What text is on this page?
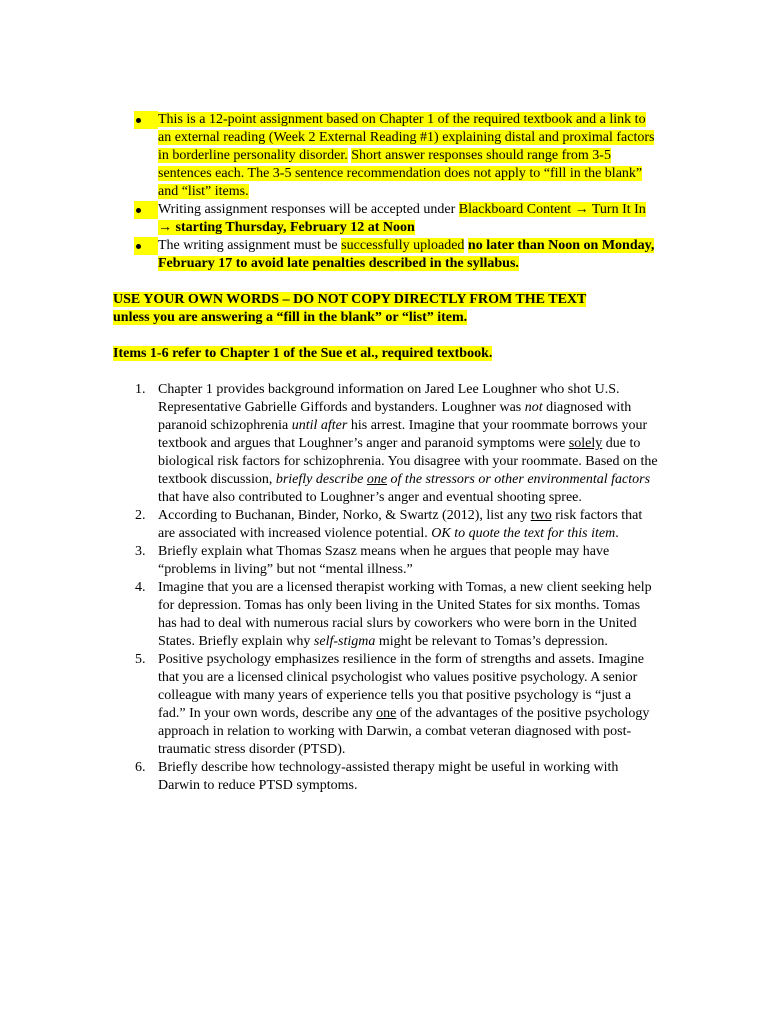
This is a 12-point assignment based on Chapter 1 of the required textbook and a link to an external reading (Week 2 External Reading #1) explaining distal and proximal factors in borderline personality disorder. Short answer responses should range from 3-5 sentences each. The 3-5 sentence recommendation does not apply to “fill in the blank” and “list” items.
Writing assignment responses will be accepted under Blackboard Content → Turn It In → starting Thursday, February 12 at Noon
The writing assignment must be successfully uploaded no later than Noon on Monday, February 17 to avoid late penalties described in the syllabus.
USE YOUR OWN WORDS – DO NOT COPY DIRECTLY FROM THE TEXT
unless you are answering a “fill in the blank” or “list” item.
Items 1-6 refer to Chapter 1 of the Sue et al., required textbook.
1. Chapter 1 provides background information on Jared Lee Loughner who shot U.S. Representative Gabrielle Giffords and bystanders. Loughner was not diagnosed with paranoid schizophrenia until after his arrest. Imagine that your roommate borrows your textbook and argues that Loughner’s anger and paranoid symptoms were solely due to biological risk factors for schizophrenia. You disagree with your roommate. Based on the textbook discussion, briefly describe one of the stressors or other environmental factors that have also contributed to Loughner’s anger and eventual shooting spree.
2. According to Buchanan, Binder, Norko, & Swartz (2012), list any two risk factors that are associated with increased violence potential. OK to quote the text for this item.
3. Briefly explain what Thomas Szasz means when he argues that people may have “problems in living” but not “mental illness.”
4. Imagine that you are a licensed therapist working with Tomas, a new client seeking help for depression. Tomas has only been living in the United States for six months. Tomas has had to deal with numerous racial slurs by coworkers who were born in the United States. Briefly explain why self-stigma might be relevant to Tomas’s depression.
5. Positive psychology emphasizes resilience in the form of strengths and assets. Imagine that you are a licensed clinical psychologist who values positive psychology. A senior colleague with many years of experience tells you that positive psychology is “just a fad.” In your own words, describe any one of the advantages of the positive psychology approach in relation to working with Darwin, a combat veteran diagnosed with post-traumatic stress disorder (PTSD).
6. Briefly describe how technology-assisted therapy might be useful in working with Darwin to reduce PTSD symptoms.
